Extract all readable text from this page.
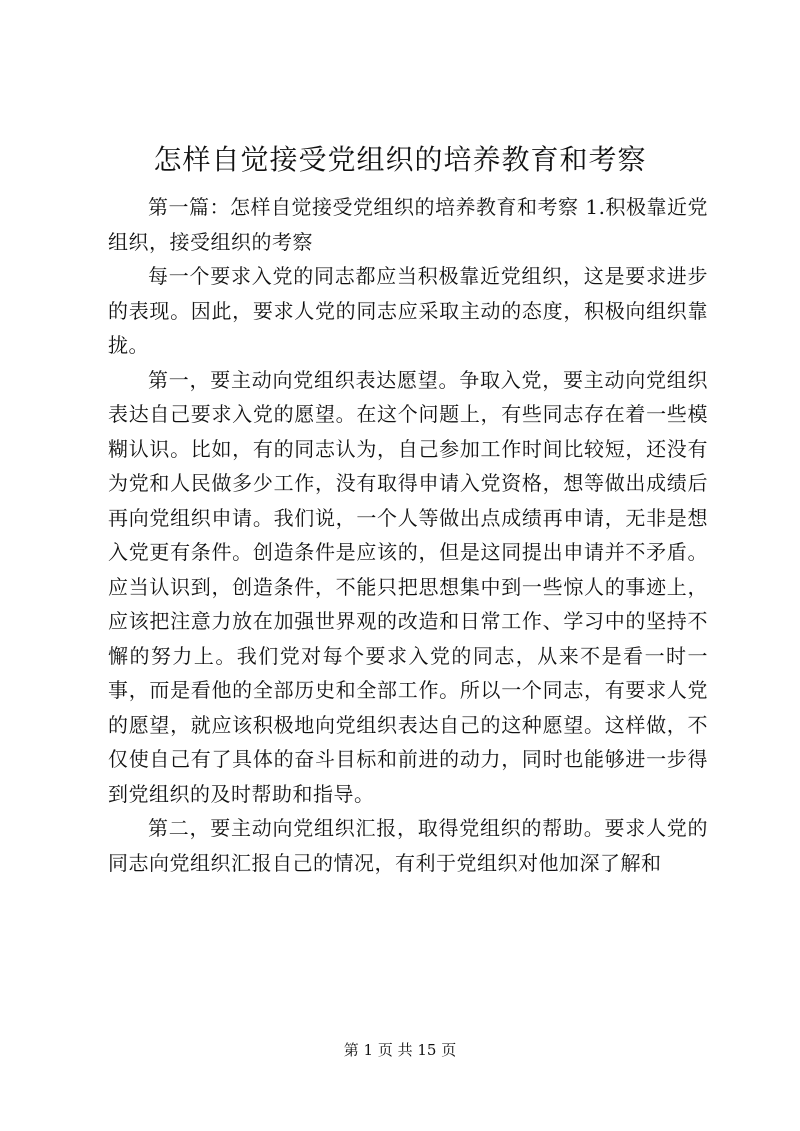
怎样自觉接受党组织的培养教育和考察

第一篇：怎样自觉接受党组织的培养教育和考察 1.积极靠近党组织，接受组织的考察

每一个要求入党的同志都应当积极靠近党组织，这是要求进步的表现。因此，要求人党的同志应采取主动的态度，积极向组织靠拢。

第一，要主动向党组织表达愿望。争取入党，要主动向党组织表达自己要求入党的愿望。在这个问题上，有些同志存在着一些模糊认识。比如，有的同志认为，自己参加工作时间比较短，还没有为党和人民做多少工作，没有取得申请入党资格，想等做出成绩后再向党组织申请。我们说，一个人等做出点成绩再申请，无非是想入党更有条件。创造条件是应该的，但是这同提出申请并不矛盾。应当认识到，创造条件，不能只把思想集中到一些惊人的事迹上，应该把注意力放在加强世界观的改造和日常工作、学习中的坚持不懈的努力上。我们党对每个要求入党的同志，从来不是看一时一事，而是看他的全部历史和全部工作。所以一个同志，有要求人党的愿望，就应该积极地向党组织表达自己的这种愿望。这样做，不仅使自己有了具体的奋斗目标和前进的动力，同时也能够进一步得到党组织的及时帮助和指导。

第二，要主动向党组织汇报，取得党组织的帮助。要求人党的同志向党组织汇报自己的情况，有利于党组织对他加深了解和

第 1 页 共 15 页
